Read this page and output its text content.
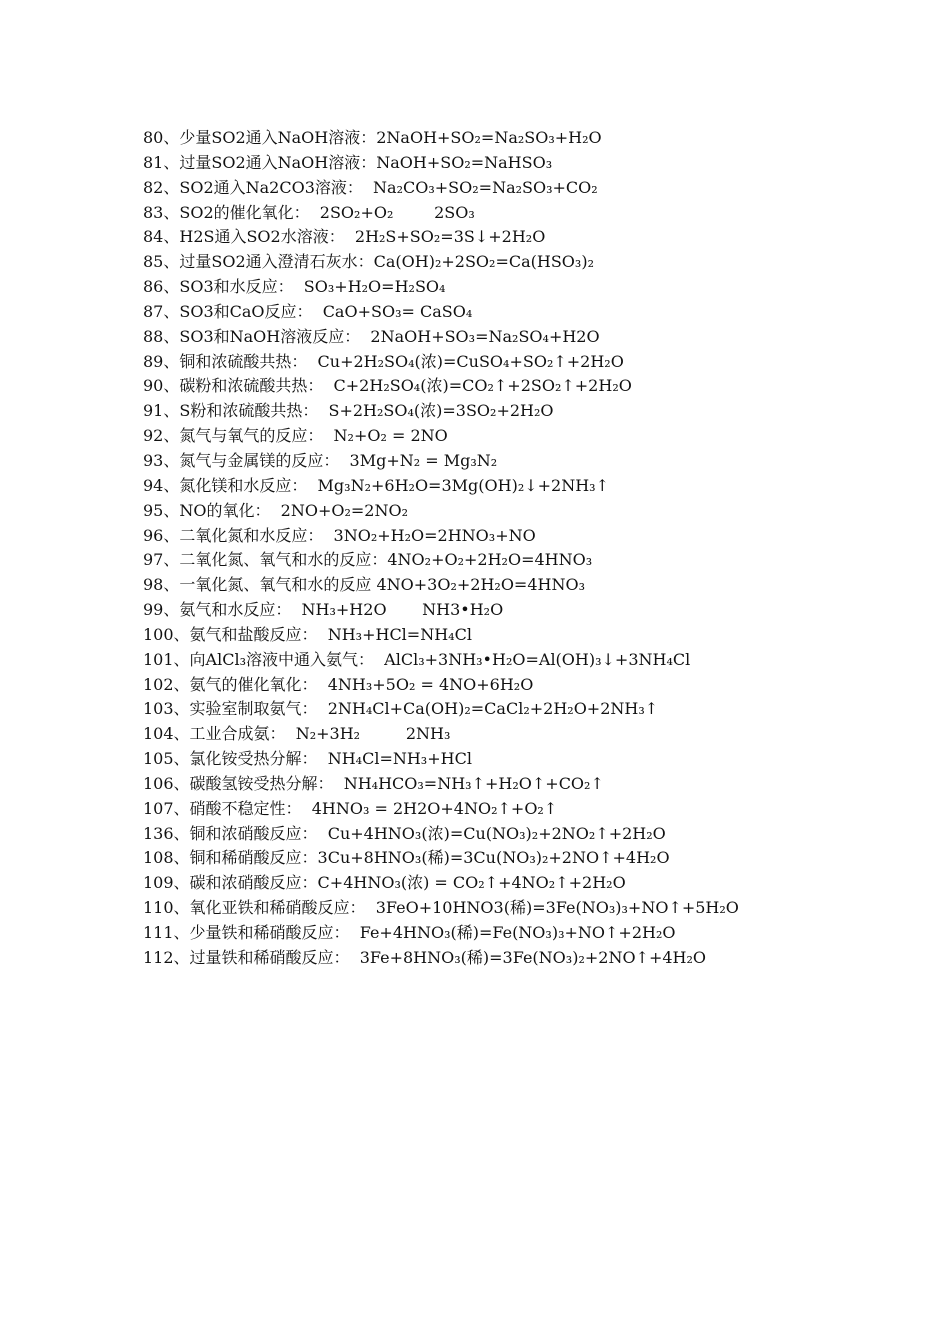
80、少量SO2通入NaOH溶液：2NaOH+SO₂=Na₂SO₃+H₂O
81、过量SO2通入NaOH溶液：NaOH+SO₂=NaHSO₃
82、SO2通入Na2CO3溶液：  Na₂CO₃+SO₂=Na₂SO₃+CO₂
83、SO2的催化氧化：  2SO₂+O₂        2SO₃
84、H2S通入SO2水溶液：  2H₂S+SO₂=3S↓+2H₂O
85、过量SO2通入澄清石灰水：Ca(OH)₂+2SO₂=Ca(HSO₃)₂
86、SO3和水反应：  SO₃+H₂O=H₂SO₄
87、SO3和CaO反应：  CaO+SO₃= CaSO₄
88、SO3和NaOH溶液反应：  2NaOH+SO₃=Na₂SO₄+H2O
89、铜和浓硫酸共热：  Cu+2H₂SO₄(浓)=CuSO₄+SO₂↑+2H₂O
90、碳粉和浓硫酸共热：  C+2H₂SO₄(浓)=CO₂↑+2SO₂↑+2H₂O
91、S粉和浓硫酸共热：  S+2H₂SO₄(浓)=3SO₂+2H₂O
92、氮气与氧气的反应：  N₂+O₂ = 2NO
93、氮气与金属镁的反应：  3Mg+N₂ = Mg₃N₂
94、氮化镁和水反应：  Mg₃N₂+6H₂O=3Mg(OH)₂↓+2NH₃↑
95、NO的氧化：  2NO+O₂=2NO₂
96、二氧化氮和水反应：  3NO₂+H₂O=2HNO₃+NO
97、二氧化氮、氧气和水的反应：4NO₂+O₂+2H₂O=4HNO₃
98、一氧化氮、氧气和水的反应 4NO+3O₂+2H₂O=4HNO₃
99、氨气和水反应：  NH₃+H2O       NH3•H₂O
100、氨气和盐酸反应：  NH₃+HCl=NH₄Cl
101、向AlCl₃溶液中通入氨气：  AlCl₃+3NH₃•H₂O=Al(OH)₃↓+3NH₄Cl
102、氨气的催化氧化：  4NH₃+5O₂ = 4NO+6H₂O
103、实验室制取氨气：  2NH₄Cl+Ca(OH)₂=CaCl₂+2H₂O+2NH₃↑
104、工业合成氨：  N₂+3H₂         2NH₃
105、氯化铵受热分解：  NH₄Cl=NH₃+HCl
106、碳酸氢铵受热分解：  NH₄HCO₃=NH₃↑+H₂O↑+CO₂↑
107、硝酸不稳定性：  4HNO₃ = 2H2O+4NO₂↑+O₂↑
136、铜和浓硝酸反应：  Cu+4HNO₃(浓)=Cu(NO₃)₂+2NO₂↑+2H₂O
108、铜和稀硝酸反应：3Cu+8HNO₃(稀)=3Cu(NO₃)₂+2NO↑+4H₂O
109、碳和浓硝酸反应：C+4HNO₃(浓) = CO₂↑+4NO₂↑+2H₂O
110、氧化亚铁和稀硝酸反应：  3FeO+10HNO3(稀)=3Fe(NO₃)₃+NO↑+5H₂O
111、少量铁和稀硝酸反应：  Fe+4HNO₃(稀)=Fe(NO₃)₃+NO↑+2H₂O
112、过量铁和稀硝酸反应：  3Fe+8HNO₃(稀)=3Fe(NO₃)₂+2NO↑+4H₂O
